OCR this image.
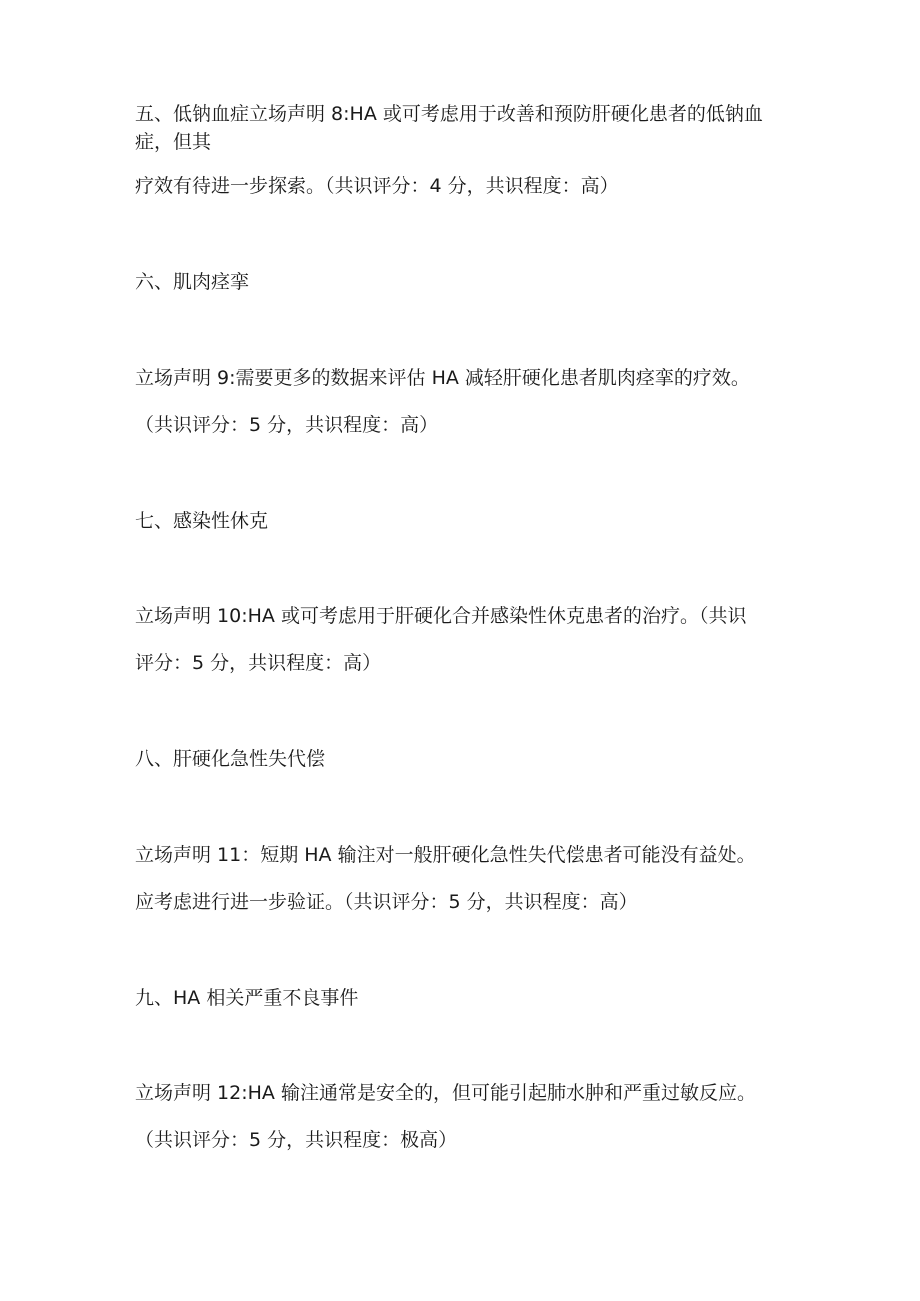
五、低钠血症立场声明 8:HA 或可考虑用于改善和预防肝硬化患者的低钠血
症，但其
疗效有待进一步探索。（共识评分：4 分，共识程度：高）
六、肌肉痉挛
立场声明 9:需要更多的数据来评估 HA 减轻肝硬化患者肌肉痉挛的疗效。
（共识评分：5 分，共识程度：高）
七、感染性休克
立场声明 10:HA 或可考虑用于肝硬化合并感染性休克患者的治疗。（共识
评分：5 分，共识程度：高）
八、肝硬化急性失代偿
立场声明 11：短期 HA 输注对一般肝硬化急性失代偿患者可能没有益处。
应考虑进行进一步验证。（共识评分：5 分，共识程度：高）
九、HA 相关严重不良事件
立场声明 12:HA 输注通常是安全的，但可能引起肺水肿和严重过敏反应。
（共识评分：5 分，共识程度：极高）
